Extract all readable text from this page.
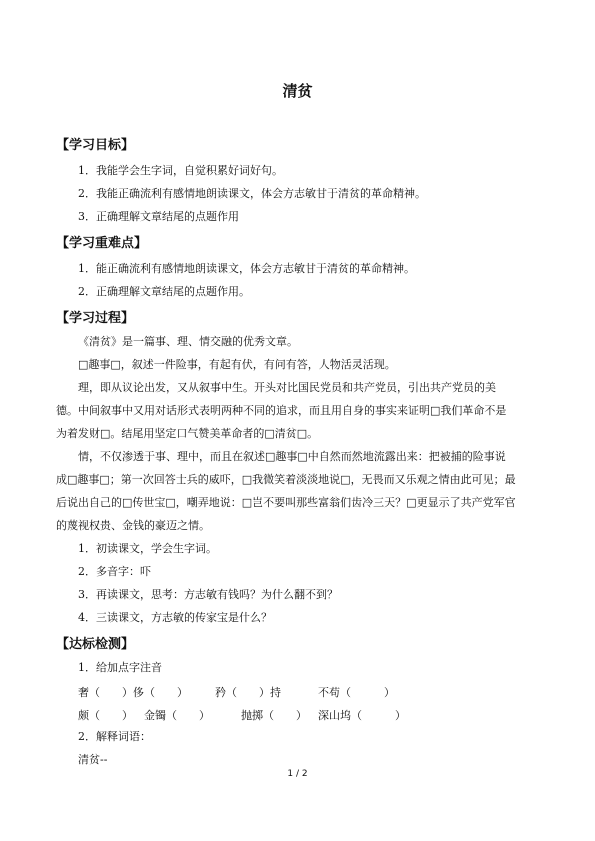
清贫
【学习目标】
1．我能学会生字词，自觉积累好词好句。
2．我能正确流利有感情地朗读课文，体会方志敏甘于清贫的革命精神。
3．正确理解文章结尾的点题作用
【学习重难点】
1．能正确流利有感情地朗读课文，体会方志敏甘于清贫的革命精神。
2．正确理解文章结尾的点题作用。
【学习过程】
《清贫》是一篇事、理、情交融的优秀文章。
□趣事□，叙述一件险事，有起有伏，有问有答，人物活灵活现。
理，即从议论出发，又从叙事中生。开头对比国民党员和共产党员，引出共产党员的美
德。中间叙事中又用对话形式表明两种不同的追求，而且用自身的事实来证明□我们革命不是
为着发财□。结尾用坚定口气赞美革命者的□清贫□。
情，不仅渗透于事、理中，而且在叙述□趣事□中自然而然地流露出来：把被捕的险事说
成□趣事□；第一次回答士兵的威吓，□我微笑着淡淡地说□，无畏而又乐观之情由此可见；最
后说出自己的□传世宝□，嘲弄地说：□岂不要叫那些富翁们齿冷三天？□更显示了共产党军官
的蔑视权贵、金钱的豪迈之情。
1．初读课文，学会生字词。
2．多音字：吓
3．再读课文，思考：方志敏有钱吗？为什么翻不到？
4．三读课文，方志敏的传家宝是什么？
【达标检测】
1．给加点字注音
奢（　　）侈（　　） 矜（　　）持	不苟（　　　）
颇（　　） 金镯（　　）	抛掷（　　） 深山坞（　　　）
2．解释词语：
清贫--
1 / 2
